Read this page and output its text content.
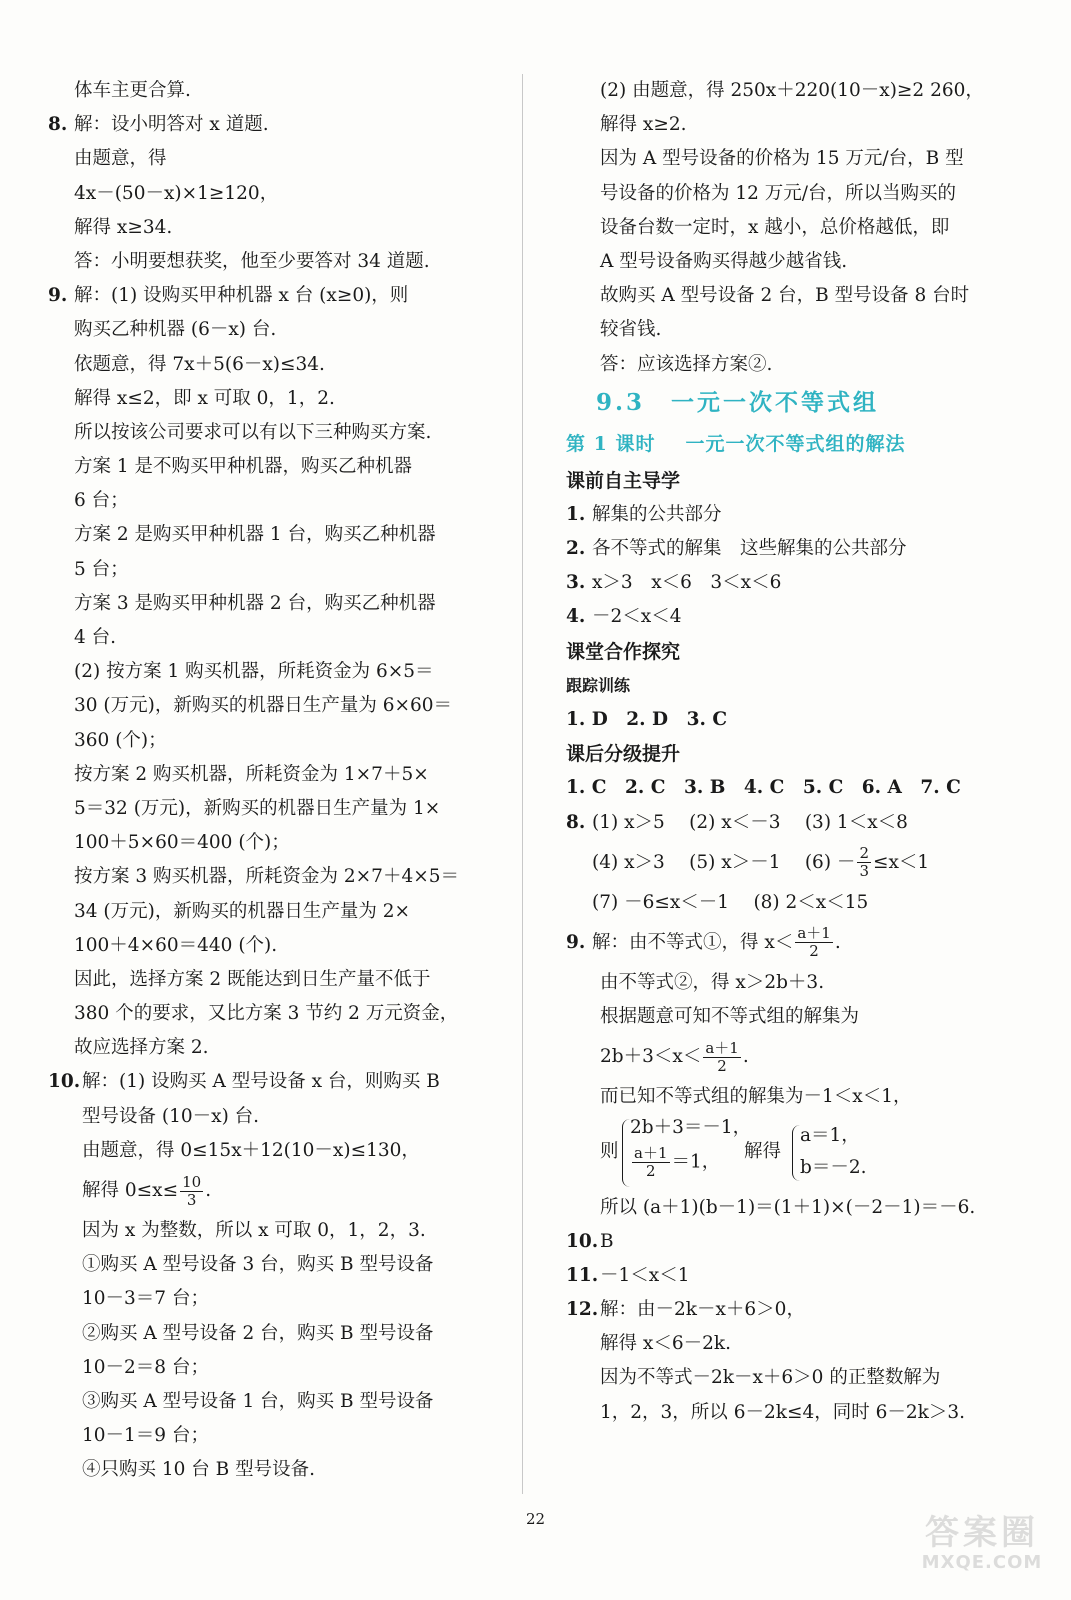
体车主更合算.
8. 解：设小明答对 x 道题.
由题意，得
4x－(50－x)×1≥120，
解得 x≥34.
答：小明要想获奖，他至少要答对 34 道题.
9. 解：(1) 设购买甲种机器 x 台 (x≥0)，则
购买乙种机器 (6－x) 台.
依题意，得 7x＋5(6－x)≤34.
解得 x≤2，即 x 可取 0，1，2.
所以按该公司要求可以有以下三种购买方案.
方案 1 是不购买甲种机器，购买乙种机器
6 台；
方案 2 是购买甲种机器 1 台，购买乙种机器
5 台；
方案 3 是购买甲种机器 2 台，购买乙种机器
4 台.
(2) 按方案 1 购买机器，所耗资金为 6×5＝
30 (万元)，新购买的机器日生产量为 6×60＝
360 (个)；
按方案 2 购买机器，所耗资金为 1×7＋5×
5＝32 (万元)，新购买的机器日生产量为 1×
100＋5×60＝400 (个)；
按方案 3 购买机器，所耗资金为 2×7＋4×5＝
34 (万元)，新购买的机器日生产量为 2×
100＋4×60＝440 (个).
因此，选择方案 2 既能达到日生产量不低于
380 个的要求，又比方案 3 节约 2 万元资金，
故应选择方案 2.
10.解：(1) 设购买 A 型号设备 x 台，则购买 B
型号设备 (10－x) 台.
由题意，得 0≤15x＋12(10－x)≤130，
解得 $0\le x\le \frac{10}{3}$ .
因为 x 为整数，所以 x 可取 0，1，2，3.
①购买 A 型号设备 3 台，购买 B 型号设备
10－3＝7 台；
②购买 A 型号设备 2 台，购买 B 型号设备
10－2＝8 台；
③购买 A 型号设备 1 台，购买 B 型号设备
10－1＝9 台；
④只购买 10 台 B 型号设备.
(2) 由题意，得 250x＋220(10－x)≥2 260，
解得 x≥2.
因为 A 型号设备的价格为 15 万元/台，B 型
号设备的价格为 12 万元/台，所以当购买的
设备台数一定时，x 越小，总价格越低，即
A 型号设备购买得越少越省钱.
故购买 A 型号设备 2 台，B 型号设备 8 台时
较省钱.
答：应该选择方案②.
9.3　一元一次不等式组
第 1 课时 一元一次不等式组的解法
课前自主导学
1. 解集的公共部分
2. 各不等式的解集　这些解集的公共部分
3. x＞3　x＜6　3＜x＜6
4. －2＜x＜4
课堂合作探究
跟踪训练
1. D　2. D　3. C
课后分级提升
1. C　2. C　3. B　4. C　5. C　6. A　7. C
8. (1) x＞5　 (2) x＜－3　 (3) 1＜x＜8
(4) x＞3　 (5) x＞－1　 $(6) - \frac{2}{3} \le x<1$
(7) －6≤x＜－1　 (8) 2＜x＜15
9. 解：由不等式①，得 $x< \frac{a+1}{2}$ .
由不等式②，得 x＞2b＋3.
根据题意可知不等式组的解集为
$2b+3<x< \frac{a+1}{2}$ .
而已知不等式组的解集为－1＜x＜1，
则
2b＋3＝－1，
$\frac{a+1}{2} =1$， 解得
a＝1，
b＝－2.
所以 (a＋1)(b－1)＝(1＋1)×(－2－1)＝－6.
10.B
11.－1＜x＜1
12.解：由－2k－x＋6＞0，
解得 x＜6－2k.
因为不等式－2k－x＋6＞0 的正整数解为
1，2，3，所以 6－2k≤4，同时 6－2k＞3.
22	答案圈
MXQE.COM
